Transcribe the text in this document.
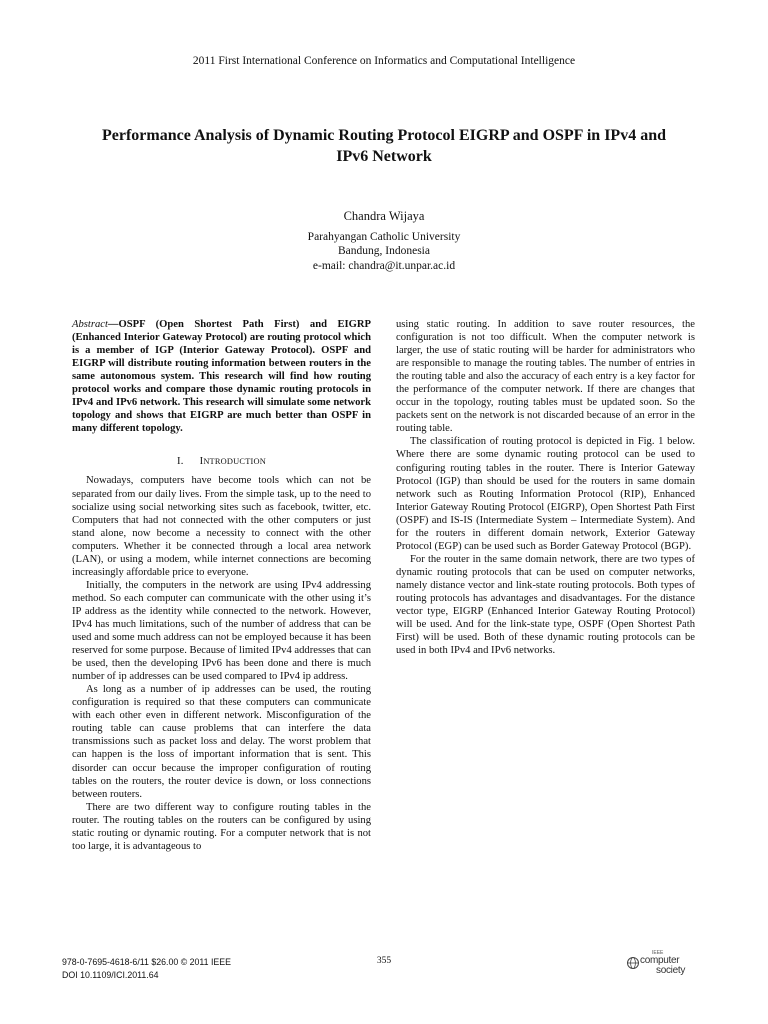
2011 First International Conference on Informatics and Computational Intelligence
Performance Analysis of Dynamic Routing Protocol EIGRP and OSPF in IPv4 and
IPv6 Network
Chandra Wijaya
Parahyangan Catholic University
Bandung, Indonesia
e-mail: chandra@it.unpar.ac.id
Abstract—OSPF (Open Shortest Path First) and EIGRP (Enhanced Interior Gateway Protocol) are routing protocol which is a member of IGP (Interior Gateway Protocol). OSPF and EIGRP will distribute routing information between routers in the same autonomous system. This research will find how routing protocol works and compare those dynamic routing protocols in IPv4 and IPv6 network. This research will simulate some network topology and shows that EIGRP are much better than OSPF in many different topology.
I. INTRODUCTION

Nowadays, computers have become tools which can not be separated from our daily lives. From the simple task, up to the need to socialize using social networking sites such as facebook, twitter, etc. Computers that had not connected with the other computers or just stand alone, now become a necessity to connect with the other computers. Whether it be connected through a local area network (LAN), or using a modem, while internet connections are becoming increasingly affordable price to everyone.

Initially, the computers in the network are using IPv4 addressing method. So each computer can communicate with the other using it’s IP address as the identity while connected to the network. However, IPv4 has much limitations, such of the number of address that can be used and some much address can not be employed because it has been reserved for some purpose. Because of limited IPv4 addresses that can be used, then the developing IPv6 has been done and there is much number of ip addresses can be used compared to IPv4 ip address.

As long as a number of ip addresses can be used, the routing configuration is required so that these computers can communicate with each other even in different network. Misconfiguration of the routing table can cause problems that can interfere the data transmissions such as packet loss and delay. The worst problem that can happen is the loss of important information that is sent. This disorder can occur because the improper configuration of routing tables on the routers, the router device is down, or loss connections between routers.

There are two different way to configure routing tables in the router. The routing tables on the routers can be configured by using static routing or dynamic routing. For a computer network that is not too large, it is advantageous to

using static routing. In addition to save router resources, the configuration is not too difficult. When the computer network is larger, the use of static routing will be harder for administrators who are responsible to manage the routing tables. The number of entries in the routing table and also the accuracy of each entry is a key factor for the performance of the computer network. If there are changes that occur in the topology, routing tables must be updated soon. So the packets sent on the network is not discarded because of an error in the routing table.

The classification of routing protocol is depicted in Fig. 1 below. Where there are some dynamic routing protocol can be used to configuring routing tables in the router. There is Interior Gateway Protocol (IGP) than should be used for the routers in same domain network such as Routing Information Protocol (RIP), Enhanced Interior Gateway Routing Protocol (EIGRP), Open Shortest Path First (OSPF) and IS-IS (Intermediate System – Intermediate System). And for the routers in different domain network, Exterior Gateway Protocol (EGP) can be used such as Border Gateway Protocol (BGP).

For the router in the same domain network, there are two types of dynamic routing protocols that can be used on computer networks, namely distance vector and link-state routing protocols. Both types of routing protocols has advantages and disadvantages. For the distance vector type, EIGRP (Enhanced Interior Gateway Routing Protocol) will be used. And for the link-state type, OSPF (Open Shortest Path First) will be used. Both of these dynamic routing protocols can be used in both IPv4 and IPv6 networks.

978-0-7695-4618-6/11 $26.00 © 2011 IEEE
DOI 10.1109/ICI.2011.64
355
IEEE
computer
society
